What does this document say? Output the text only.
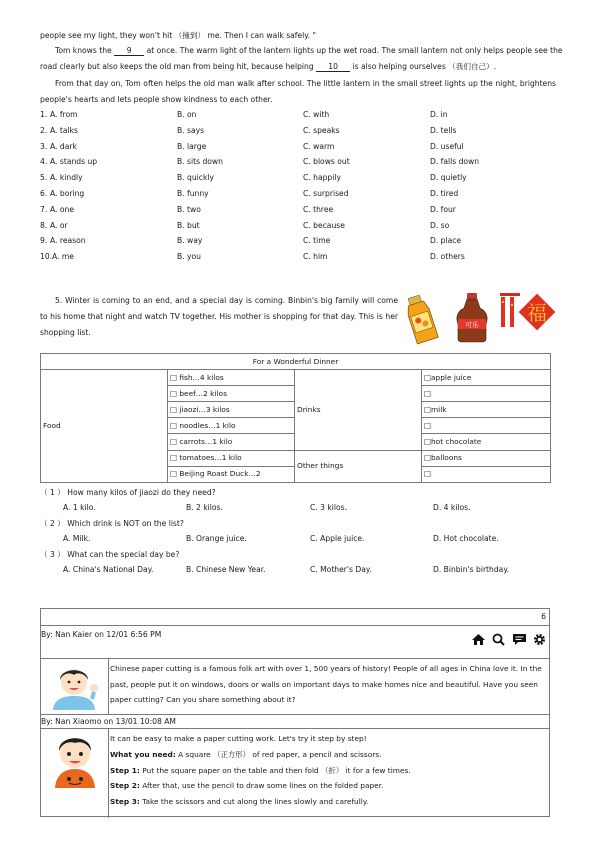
people see my light, they won't hit （撞到） me. Then I can walk safely. "
Tom knows the 9 at once. The warm light of the lantern lights up the wet road. The small lantern not only helps people see the
road clearly but also keeps the old man from being hit, because helping 10 is also helping ourselves （我们自己）.
From that day on, Tom often helps the old man walk after school. The little lantern in the small street lights up the night, brightens people's hearts and lets people show kindness to each other.
1. A. from	B. on	C. with	D. in
2. A. talks	B. says	C. speaks	D. tells
3. A. dark	B. large	C. warm	D. useful
4. A. stands up	B. sits down	C. blows out	D. falls down
5. A. kindly	B. quickly	C. happily	D. quietly
6. A. boring	B. funny	C. surprised	D. tired
7. A. one	B. two	C. three	D. four
8. A. or	B. but	C. because	D. so
9. A. reason	B. way	C. time	D. place
10. A. me	B. you	C. him	D. others
5. Winter is coming to an end, and a special day is coming. Binbin's big family will come to his home that night and watch TV together. His mother is shopping for that day. This is her shopping list.
可乐 福
For a Wonderful Dinner			
Food	□ fish…4 kilos	Drinks	□apple juice
	□ beef…2 kilos		□
	□ jiaozi…3 kilos		□milk
	□ noodles…1 kilo		□
	□ carrots…1 kilo		□hot chocolate
	□ tomatoes…1 kilo	Other things	□balloons
	□ Beijing Roast Duck…2		□
（ 1 ） How many kilos of jiaozi do they need?
A. 1 kilo.	B. 2 kilos.	C. 3 kilos.	D. 4 kilos.
（ 2 ） Which drink is NOT on the list?
A. Milk.	B. Orange juice.	C. Apple juice.	D. Hot chocolate.
（ 3 ） What can the special day be?
A. China's National Day.	B. Chinese New Year.	C. Mother's Day.	D. Binbin's birthday.
6
By: Nan Kaier on 12/01 6:56 PM

Chinese paper cutting is a famous folk art with over 1, 500 years of history! People of all ages in China love it. In the past, people put it on windows, doors or walls on important days to make homes nice and beautiful. Have you seen paper cutting? Can you share something about it?
By: Nan Xiaomo on 13/01 10:08 AM
It can be easy to make a paper cutting work. Let's try it step by step!
What you need: A square （正方形） of red paper, a pencil and scissors.
Step 1: Put the square paper on the table and then fold （折） it for a few times.
Step 2: After that, use the pencil to draw some lines on the folded paper.
Step 3: Take the scissors and cut along the lines slowly and carefully.
